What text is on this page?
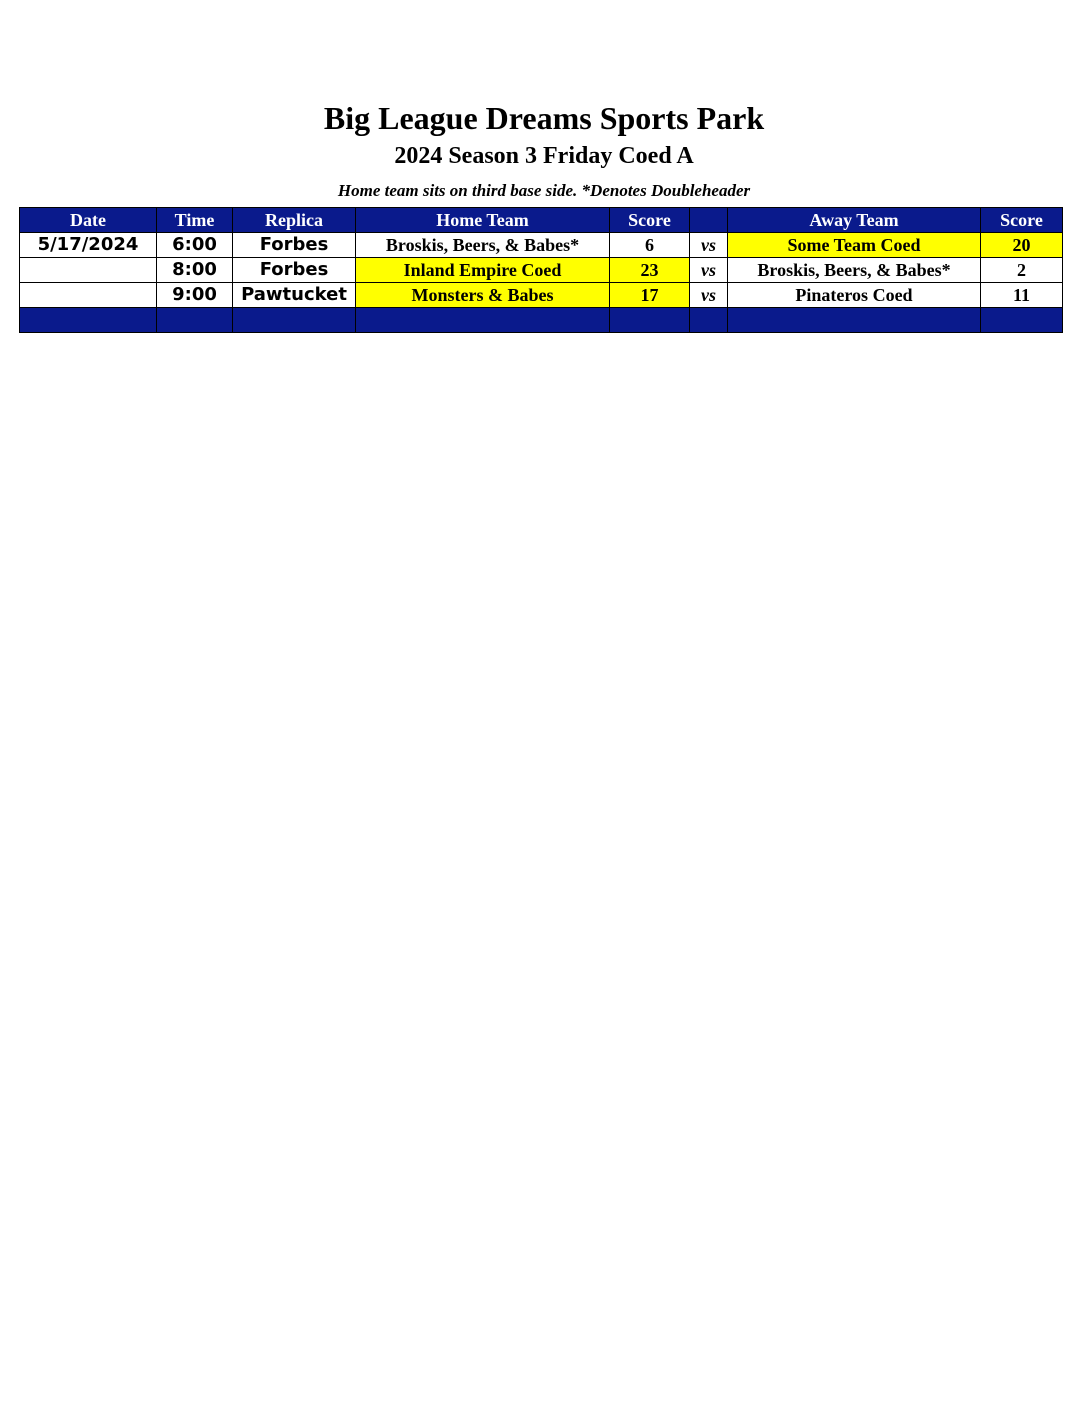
Big League Dreams Sports Park
2024 Season 3 Friday Coed A
Home team sits on third base side. *Denotes Doubleheader
Date	Time	Replica	Home Team	Score		Away Team	Score
5/17/2024	6:00	Forbes	Broskis, Beers, & Babes*	6	vs	Some Team Coed	20
	8:00	Forbes	Inland Empire Coed	23	vs	Broskis, Beers, & Babes*	2
	9:00	Pawtucket	Monsters & Babes	17	vs	Pinateros Coed	11
